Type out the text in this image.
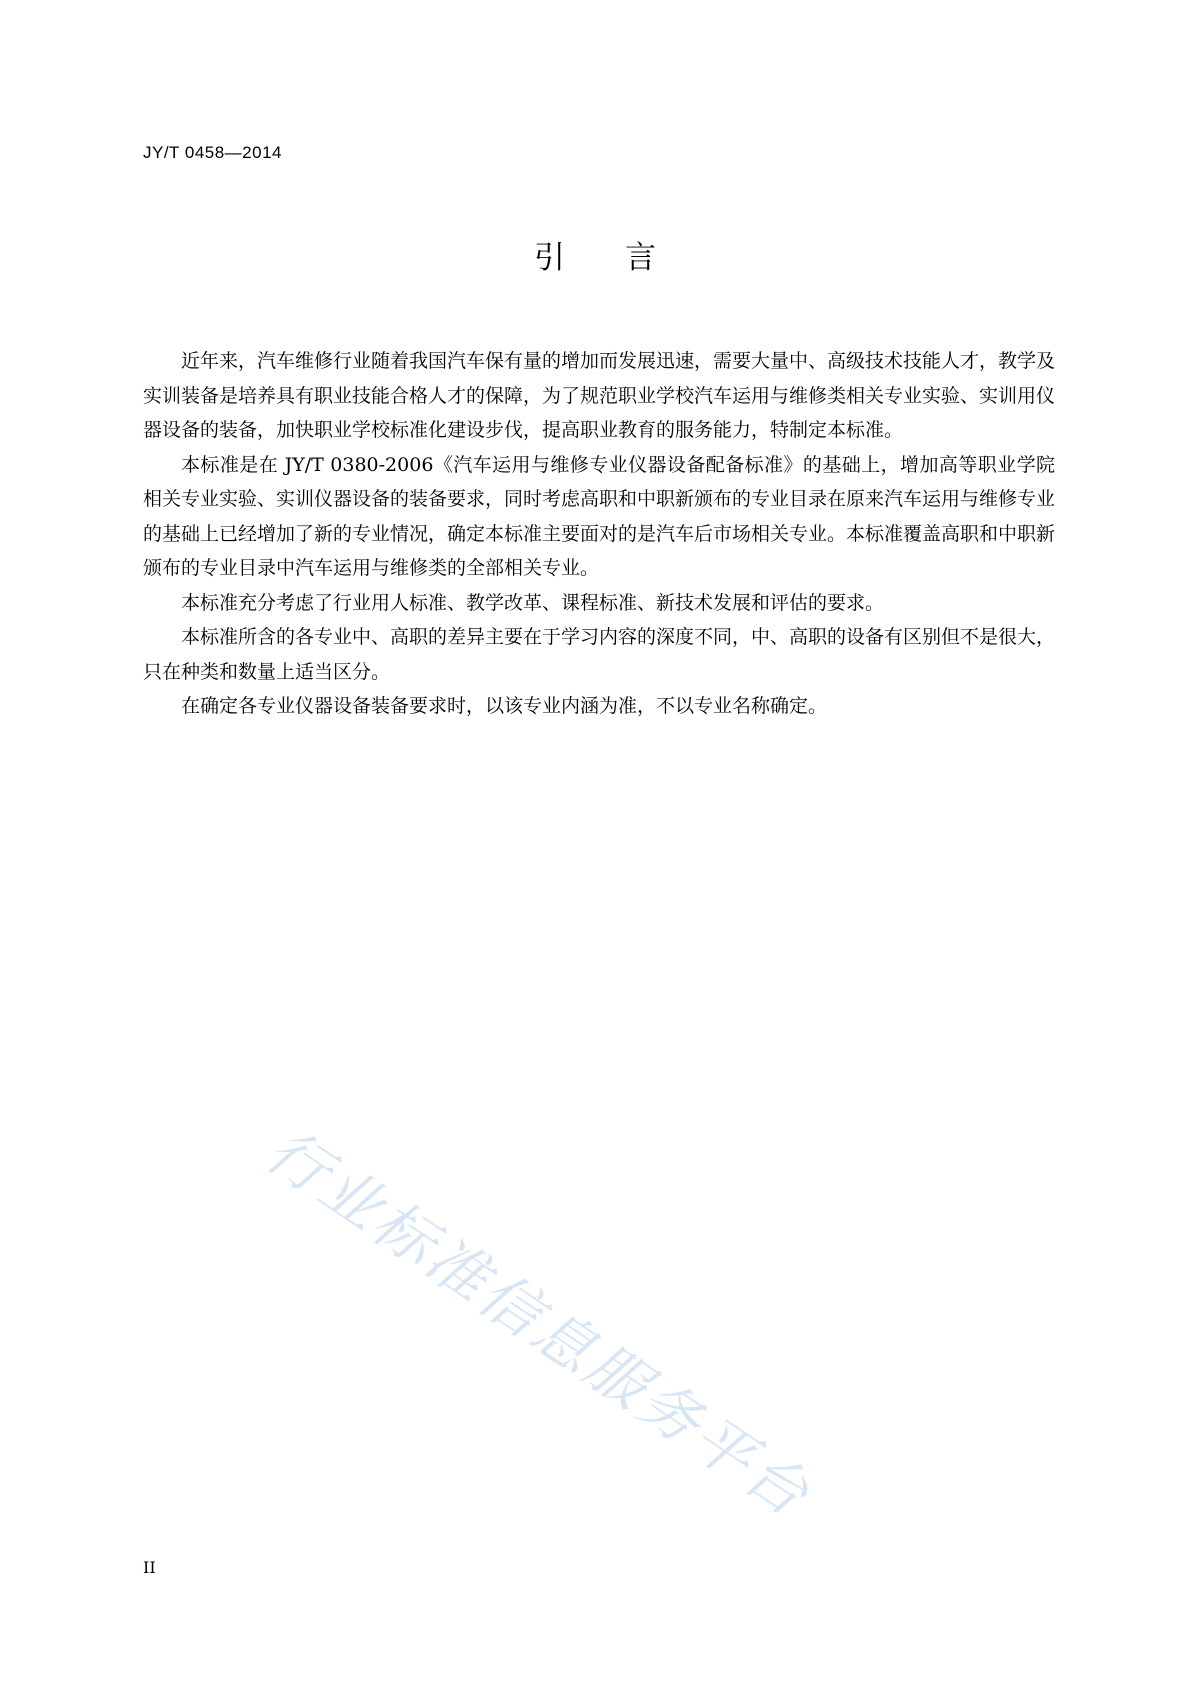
JY/T 0458—2014
引言

近年来，汽车维修行业随着我国汽车保有量的增加而发展迅速，需要大量中、高级技术技能人才，教学及实训装备是培养具有职业技能合格人才的保障，为了规范职业学校汽车运用与维修类相关专业实验、实训用仪器设备的装备，加快职业学校标准化建设步伐，提高职业教育的服务能力，特制定本标准。

本标准是在 JY/T 0380-2006《汽车运用与维修专业仪器设备配备标准》的基础上，增加高等职业学院相关专业实验、实训仪器设备的装备要求，同时考虑高职和中职新颁布的专业目录在原来汽车运用与维修专业的基础上已经增加了新的专业情况，确定本标准主要面对的是汽车后市场相关专业。本标准覆盖高职和中职新颁布的专业目录中汽车运用与维修类的全部相关专业。

本标准充分考虑了行业用人标准、教学改革、课程标准、新技术发展和评估的要求。

本标准所含的各专业中、高职的差异主要在于学习内容的深度不同，中、高职的设备有区别但不是很大，只在种类和数量上适当区分。

在确定各专业仪器设备装备要求时，以该专业内涵为准，不以专业名称确定。

行业标准信息服务平台
II
